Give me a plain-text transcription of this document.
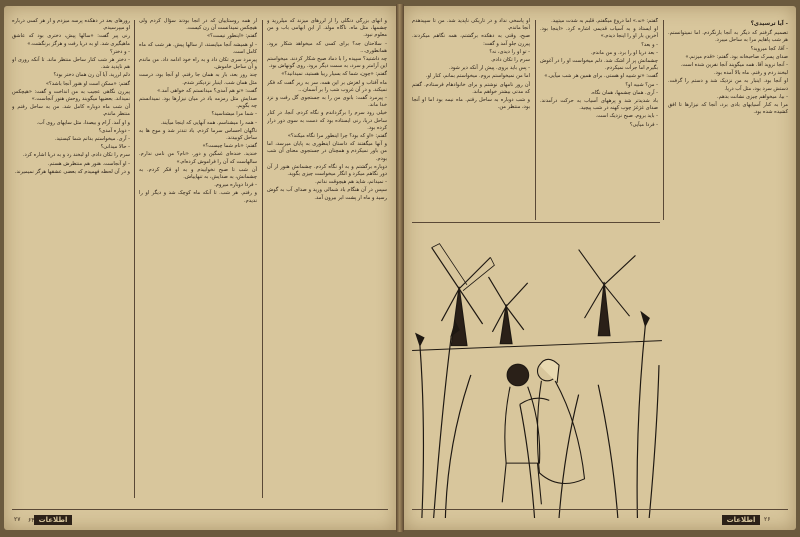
روزهای بعد در دهکده پرسه میزدم و از هر کسی درباره او میپرسیدم.

زنی پیر گفت: «سالها پیش، دختری بود که عاشق ماهیگیری شد. او به دریا رفت و هرگز برنگشت.»

- و دختر؟

- دختر هر شب کنار ساحل منتظر ماند. تا آنکه روزی او هم ناپدید شد.

دلم لرزید. آیا آن زن همان دختر بود؟

گفتم: «ممکن است او هنوز آنجا باشد؟»

پیرزن نگاهی عجیب به من انداخت و گفت: «هیچکس نمیداند. بعضیها میگویند روحش هنوز آنجاست.»

آن شب ماه دوباره کامل شد. من به ساحل رفتم و منتظر ماندم.

و او آمد. آرام و بیصدا، مثل سایهای روی آب.

- دوباره آمدی؟

- آری. میخواستم بدانم شما کیستید.

- حالا میدانی؟

سرم را تکان دادم. او لبخند زد و به دریا اشاره کرد.

- او آنجاست. هنوز هم منتظرش هستم.

و در آن لحظه فهمیدم که بعضی عشقها هرگز نمیمیرند.

از همه روستاییان که در آنجا بودند سؤال کردم ولی هیچکس نمیدانست آن زن کیست.

گفتم: «اینطور نیست؟»

- او همیشه آنجا میایستد، از سالها پیش. هر شب که ماه کامل است.

پیرمرد سری تکان داد و به راه خود ادامه داد. من ماندم و آن ساحل خاموش.

چند روز بعد، باز به همان جا رفتم. او آنجا بود، درست مثل همان شب. اینبار نزدیکتر شدم.

گفت: «تو هم آمدی؟ میدانستم که خواهی آمد.»

صدایش مثل زمزمه باد در میان نیزارها بود. نمیدانستم چه بگویم.

- شما مرا میشناسید؟

- همه را میشناسم. همه آنهایی که اینجا میآیند.

ناگهان احساس سرما کردم. باد تندتر شد و موج ها به ساحل کوبیدند.

گفتم: «نام شما چیست؟»

خندید. خنده‌ای غمگین و دور. «نام؟ من نامی ندارم. سالهاست که آن را فراموش کرده‌ام.»

آن شب تا صبح نخوابیدم و به او فکر کردم. به چشمانش، به صدایش، به تنهاییاش.

- فردا دوباره میروم.

و رفتم. هر شب. تا آنکه ماه کوچک شد و دیگر او را ندیدم.

و آنهای بزرگی دنگلی را از لرزهای میزند که میلرزید و چشمها، مثل ماه، ناگاه مولد. از ابن ابهامی باب و من معلوم نبود.

- سلاحتان جه؟ برای کسی که میخواهد شکار برود. همانطوری...

چه داشتید؟ سپیده را با دماد صبح شکار کردند. میخواستم این آرامتر و سرد، به سمت دیگر برود. روی گونهاش بود.

گفتم: «چون، شما که بسیار زیبا هستید، نمیدانید؟»

ماه آفتاب و لغزش بر این همه، سر به زیر گفت که فکر نمیکند. و در آن غروب شب را بر آسمان...

- پیرمرد گفت: بانوی من را به جستجوی گل رفت و نزد خدا ماند.

خیلی زود سرم را برگرداندم و نگاه کردم. آنجا، در کنار ساحل دریا، زنی ایستاده بود که دست به سوی دور دراز کرده بود.

گفتم: «او که بود؟ چرا اینطور مرا نگاه میکند؟»

و آنها میگفتند که داستان اینطوری به پایان میرسد، اما من باور نمیکردم و همچنان در جستجوی معنای آن شب بودم.

دوباره برگشتم و به او نگاه کردم. چشمانش هنوز از آن دور نگاهم میکرد و انگار میخواست چیزی بگوید.

- نمیدانم، شاید هم هیچوقت ندانم.

سپس در آن هنگام باد شمالی وزید و صدای آب به گوش رسید و ماه از پشت ابر بیرون آمد.

۲۷ ۶۴ اطلاعات

او پاسخی نداد و در تاریکی ناپدید شد. من تا سپیدهدم آنجا ماندم.

صبح، وقتی به دهکده برگشتم، همه نگاهم میکردند. پیرزن جلو آمد و گفت:

- تو او را دیدی، نه؟

سرم را تکان دادم.

- پس باید بروی. پیش از آنکه دیر شود.

اما من نمیخواستم بروم. میخواستم بمانم، کنار او.

آن روز نامهای نوشتم و برای خانوادهام فرستادم. گفتم که مدتی بیشتر خواهم ماند.

و شب دوباره به ساحل رفتم. ماه نیمه بود اما او آنجا بود، منتظر من.

گفتم: «نه.» اما دروغ میگفتم. قلبم به شدت میتپید.

او ایستاد و به آسیاب قدیمی اشاره کرد. «اینجا بود. آخرین بار او را اینجا دیدم.»

- و بعد؟

- بعد دریا او را برد. و من ماندم.

چشمانش پر از اشک شد. دلم میخواست او را در آغوش بگیرم اما جرأت نمیکردم.

گفت: «تو شبیه او هستی. برای همین هر شب میآیی.»

- من؟ شبیه او؟

- آری. همان چشمها، همان نگاه.

باد شدیدتر شد و پرههای آسیاب به حرکت درآمدند. صدای غژغژ چوب کهنه در شب پیچید.

- باید بروم. صبح نزدیک است.

- فردا میآیی؟

- آیا ترسیدی؟

تصمیم گرفتم که دیگر به آنجا بازنگردم. اما نمیتوانستم. هر شب پاهایم مرا به ساحل میبرد.

- آقا، کجا میروید؟

صدای پسرک صاحبخانه بود. گفتم: «قدم میزنم.»

- آنجا نروید آقا. همه میگویند آنجا نفرین شده است.

لبخند زدم و رفتم. ماه بالا آمده بود.

او آنجا بود. اینبار به من نزدیک شد و دستم را گرفت. دستش سرد بود، مثل آب دریا.

- بیا، میخواهم چیزی نشانت بدهم.

مرا به کنار آسیابهای بادی برد، آنجا که نیزارها تا افق کشیده شده بود.

اطلاعات	۲۶
